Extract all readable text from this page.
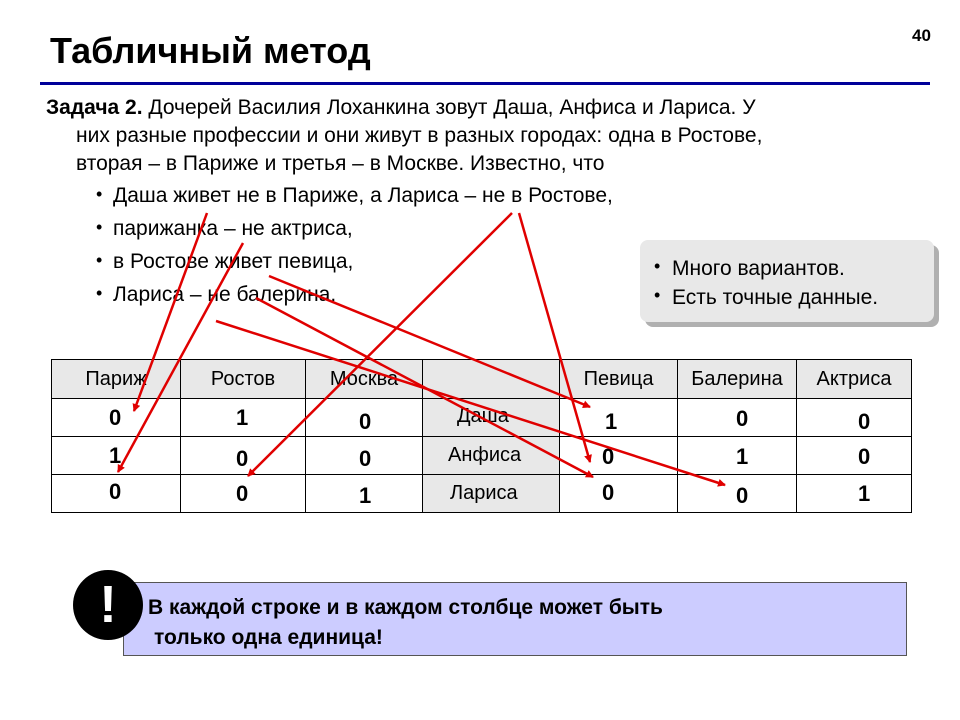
Табличный метод	40
Задача 2. Дочерей Василия Лоханкина зовут Даша, Анфиса и Лариса. У
них разные профессии и они живут в разных городах: одна в Ростове,
вторая – в Париже и третья – в Москве. Известно, что
• Даша живет не в Париже, а Лариса – не в Ростове,
• парижанка – не актриса,
• в Ростове живет певица,
• Лариса – не балерина.
• Много вариантов.
• Есть точные данные.
Париж	Ростов	Москва		Певица	Балерина	Актриса

0	1	0	Даша	1	0	0

1	0	0	Анфиса	0	1	0

0	0	1	Лариса	0	0	1
В каждой строке и в каждом столбце может быть
только одна единица!
!
